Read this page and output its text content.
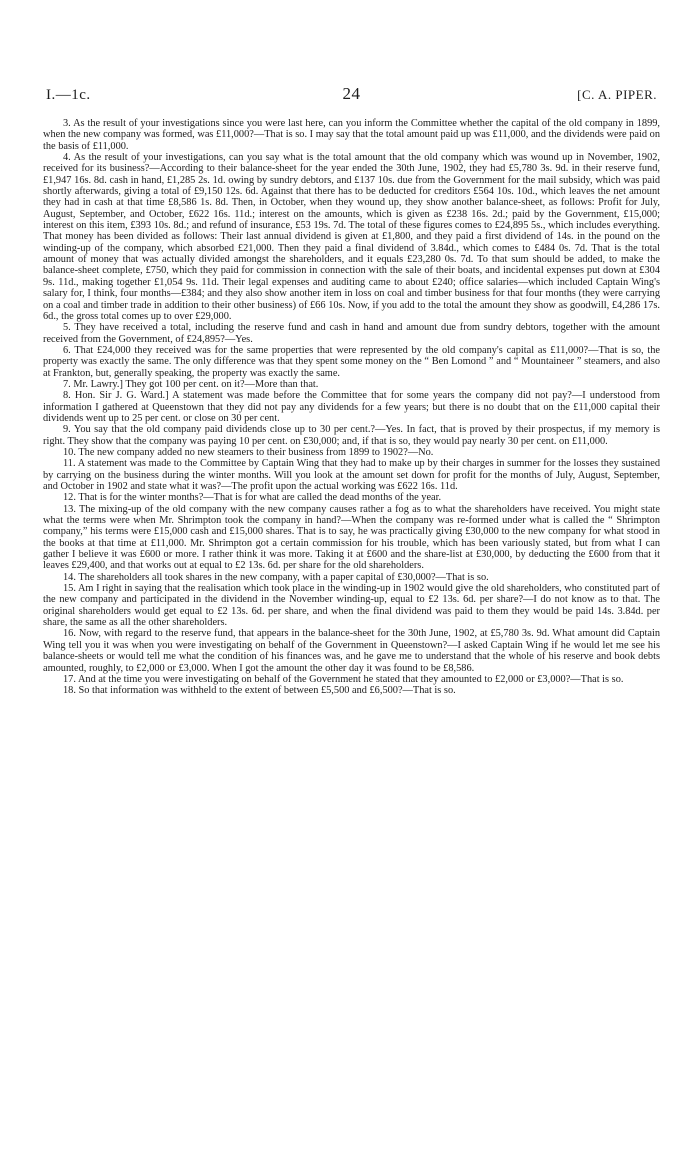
I.—1c.	24	[C. A. PIPER.

3. As the result of your investigations since you were last here, can you inform the Committee whether the capital of the old company in 1899, when the new company was formed, was £11,000?—That is so. I may say that the total amount paid up was £11,000, and the dividends were paid on the basis of £11,000.

4. As the result of your investigations, can you say what is the total amount that the old company which was wound up in November, 1902, received for its business?—According to their balance-sheet for the year ended the 30th June, 1902, they had £5,780 3s. 9d. in their reserve fund, £1,947 16s. 8d. cash in hand, £1,285 2s. 1d. owing by sundry debtors, and £137 10s. due from the Government for the mail subsidy, which was paid shortly afterwards, giving a total of £9,150 12s. 6d. Against that there has to be deducted for creditors £564 10s. 10d., which leaves the net amount they had in cash at that time £8,586 1s. 8d. Then, in October, when they wound up, they show another balance-sheet, as follows: Profit for July, August, September, and October, £622 16s. 11d.; interest on the amounts, which is given as £238 16s. 2d.; paid by the Government, £15,000; interest on this item, £393 10s. 8d.; and refund of insurance, £53 19s. 7d. The total of these figures comes to £24,895 5s., which includes everything. That money has been divided as follows: Their last annual dividend is given at £1,800, and they paid a first dividend of 14s. in the pound on the winding-up of the company, which absorbed £21,000. Then they paid a final dividend of 3.84d., which comes to £484 0s. 7d. That is the total amount of money that was actually divided amongst the shareholders, and it equals £23,280 0s. 7d. To that sum should be added, to make the balance-sheet complete, £750, which they paid for commission in connection with the sale of their boats, and incidental expenses put down at £304 9s. 11d., making together £1,054 9s. 11d. Their legal expenses and auditing came to about £240; office salaries—which included Captain Wing's salary for, I think, four months—£384; and they also show another item in loss on coal and timber business for that four months (they were carrying on a coal and timber trade in addition to their other business) of £66 10s. Now, if you add to the total the amount they show as goodwill, £4,286 17s. 6d., the gross total comes up to over £29,000.

5. They have received a total, including the reserve fund and cash in hand and amount due from sundry debtors, together with the amount received from the Government, of £24,895?—Yes.

6. That £24,000 they received was for the same properties that were represented by the old company's capital as £11,000?—That is so, the property was exactly the same. The only difference was that they spent some money on the “ Ben Lomond ” and “ Mountaineer ” steamers, and also at Frankton, but, generally speaking, the property was exactly the same.

7. Mr. Lawry.] They got 100 per cent. on it?—More than that.

8. Hon. Sir J. G. Ward.] A statement was made before the Committee that for some years the company did not pay?—I understood from information I gathered at Queenstown that they did not pay any dividends for a few years; but there is no doubt that on the £11,000 capital their dividends went up to 25 per cent. or close on 30 per cent.

9. You say that the old company paid dividends close up to 30 per cent.?—Yes. In fact, that is proved by their prospectus, if my memory is right. They show that the company was paying 10 per cent. on £30,000; and, if that is so, they would pay nearly 30 per cent. on £11,000.

10. The new company added no new steamers to their business from 1899 to 1902?—No.

11. A statement was made to the Committee by Captain Wing that they had to make up by their charges in summer for the losses they sustained by carrying on the business during the winter months. Will you look at the amount set down for profit for the months of July, August, September, and October in 1902 and state what it was?—The profit upon the actual working was £622 16s. 11d.

12. That is for the winter months?—That is for what are called the dead months of the year.

13. The mixing-up of the old company with the new company causes rather a fog as to what the shareholders have received. You might state what the terms were when Mr. Shrimpton took the company in hand?—When the company was re-formed under what is called the “ Shrimpton company,” his terms were £15,000 cash and £15,000 shares. That is to say, he was practically giving £30,000 to the new company for what stood in the books at that time at £11,000. Mr. Shrimpton got a certain commission for his trouble, which has been variously stated, but from what I can gather I believe it was £600 or more. I rather think it was more. Taking it at £600 and the share-list at £30,000, by deducting the £600 from that it leaves £29,400, and that works out at equal to £2 13s. 6d. per share for the old shareholders.

14. The shareholders all took shares in the new company, with a paper capital of £30,000?—That is so.

15. Am I right in saying that the realisation which took place in the winding-up in 1902 would give the old shareholders, who constituted part of the new company and participated in the dividend in the November winding-up, equal to £2 13s. 6d. per share?—I do not know as to that. The original shareholders would get equal to £2 13s. 6d. per share, and when the final dividend was paid to them they would be paid 14s. 3.84d. per share, the same as all the other shareholders.

16. Now, with regard to the reserve fund, that appears in the balance-sheet for the 30th June, 1902, at £5,780 3s. 9d. What amount did Captain Wing tell you it was when you were investigating on behalf of the Government in Queenstown?—I asked Captain Wing if he would let me see his balance-sheets or would tell me what the condition of his finances was, and he gave me to understand that the whole of his reserve and book debts amounted, roughly, to £2,000 or £3,000. When I got the amount the other day it was found to be £8,586.

17. And at the time you were investigating on behalf of the Government he stated that they amounted to £2,000 or £3,000?—That is so.

18. So that information was withheld to the extent of between £5,500 and £6,500?—That is so.
